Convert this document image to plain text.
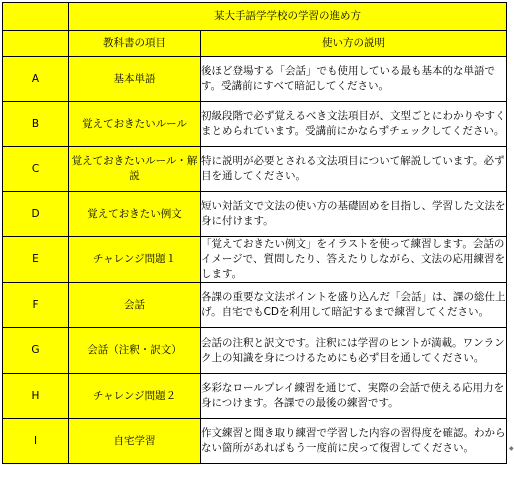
	某大手語学学校の学習の進め方	
	教科書の項目	使い方の説明
A	基本単語	後ほど登場する「会話」でも使用している最も基本的な単語です。受講前にすべて暗記してください。
B	覚えておきたいルール	初級段階で必ず覚えるべき文法項目が、文型ごとにわかりやすくまとめられています。受講前にかならずチェックしてください。
C	覚えておきたいルール・解説	特に説明が必要とされる文法項目について解説しています。必ず目を通してください。
D	覚えておきたい例文	短い対話文で文法の使い方の基礎固めを目指し、学習した文法を身に付けます。
E	チャレンジ問題１	「覚えておきたい例文」をイラストを使って練習します。会話のイメージで、質問したり、答えたりしながら、文法の応用練習をします。
F	会話	各課の重要な文法ポイントを盛り込んだ「会話」は、課の総仕上げ。自宅でもCDを利用して暗記するまで練習してください。
G	会話（注釈・訳文）	会話の注釈と訳文です。注釈には学習のヒントが満載。ワンランク上の知識を身につけるためにも必ず目を通してください。
H	チャレンジ問題２	多彩なロールプレイ練習を通じて、実際の会話で使える応用力を身につけます。各課での最後の練習です。
I	自宅学習	作文練習と聞き取り練習で学習した内容の習得度を確認。わからない箇所があればもう一度前に戻って復習してください。	◆
